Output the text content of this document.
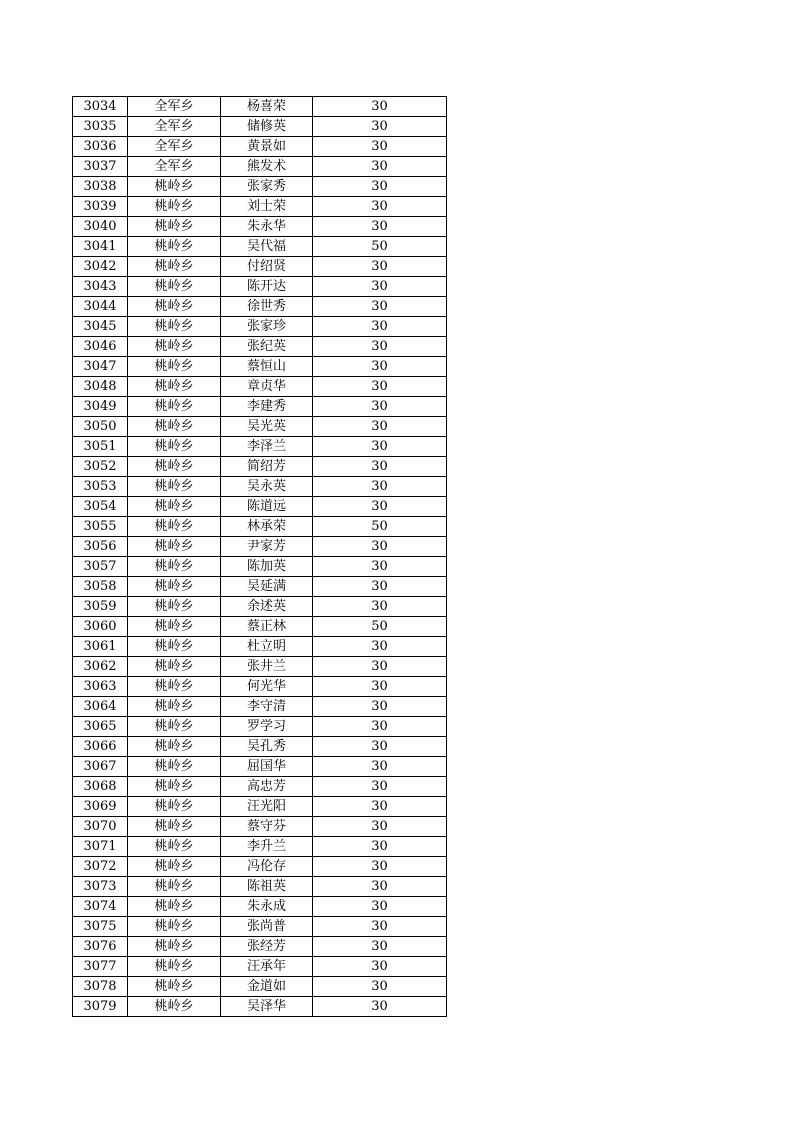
3034	全军乡	杨喜荣	30
3035	全军乡	储修英	30
3036	全军乡	黄景如	30
3037	全军乡	熊发术	30
3038	桃岭乡	张家秀	30
3039	桃岭乡	刘士荣	30
3040	桃岭乡	朱永华	30
3041	桃岭乡	吴代福	50
3042	桃岭乡	付绍贤	30
3043	桃岭乡	陈开达	30
3044	桃岭乡	徐世秀	30
3045	桃岭乡	张家珍	30
3046	桃岭乡	张纪英	30
3047	桃岭乡	蔡恒山	30
3048	桃岭乡	章贞华	30
3049	桃岭乡	李建秀	30
3050	桃岭乡	吴光英	30
3051	桃岭乡	李泽兰	30
3052	桃岭乡	简绍芳	30
3053	桃岭乡	吴永英	30
3054	桃岭乡	陈道远	30
3055	桃岭乡	林承荣	50
3056	桃岭乡	尹家芳	30
3057	桃岭乡	陈加英	30
3058	桃岭乡	吴延满	30
3059	桃岭乡	余述英	30
3060	桃岭乡	蔡正林	50
3061	桃岭乡	杜立明	30
3062	桃岭乡	张井兰	30
3063	桃岭乡	何光华	30
3064	桃岭乡	李守清	30
3065	桃岭乡	罗学习	30
3066	桃岭乡	吴孔秀	30
3067	桃岭乡	屈国华	30
3068	桃岭乡	高忠芳	30
3069	桃岭乡	汪光阳	30
3070	桃岭乡	蔡守芬	30
3071	桃岭乡	李升兰	30
3072	桃岭乡	冯伦存	30
3073	桃岭乡	陈祖英	30
3074	桃岭乡	朱永成	30
3075	桃岭乡	张尚普	30
3076	桃岭乡	张经芳	30
3077	桃岭乡	汪承年	30
3078	桃岭乡	金道如	30
3079	桃岭乡	吴泽华	30
